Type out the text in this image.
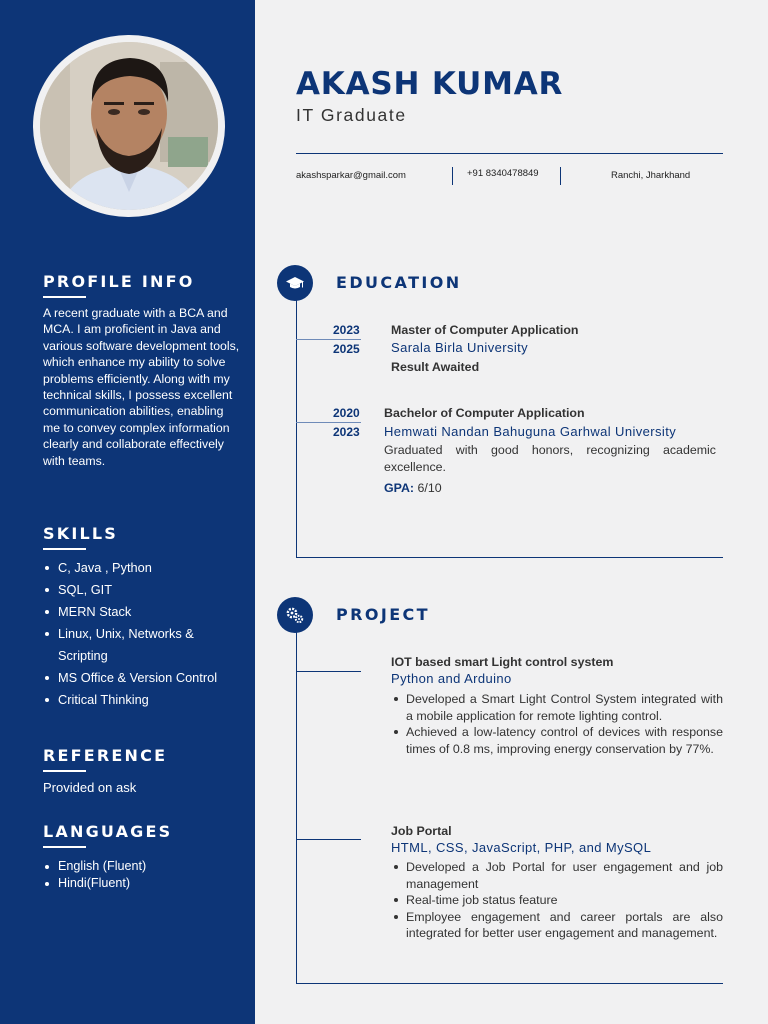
PROFILE INFO

A recent graduate with a BCA and MCA. I am proficient in Java and various software development tools, which enhance my ability to solve problems efficiently. Along with my technical skills, I possess excellent communication abilities, enabling me to convey complex information clearly and collaborate effectively with teams.

SKILLS
C, Java , Python
SQL, GIT
MERN Stack
Linux, Unix, Networks & Scripting
MS Office & Version Control
Critical Thinking
REFERENCE
Provided on ask
LANGUAGES
English (Fluent)
Hindi(Fluent)
AKASH KUMAR
IT Graduate
akashsparkar@gmail.com	+91 8340478849	Ranchi, Jharkhand
EDUCATION
2023
2025
Master of Computer Application
Sarala Birla University
Result Awaited
2020
2023
Bachelor of Computer Application
Hemwati Nandan Bahuguna Garhwal University
Graduated with good honors, recognizing academic excellence.
GPA: 6/10
PROJECT
IOT based smart Light control system
Python and Arduino
Developed a Smart Light Control System integrated with a mobile application for remote lighting control.
Achieved a low-latency control of devices with response times of 0.8 ms, improving energy conservation by 77%.
Job Portal
HTML, CSS, JavaScript, PHP, and MySQL
Developed a Job Portal for user engagement and job management
Real-time job status feature
Employee engagement and career portals are also integrated for better user engagement and management.
